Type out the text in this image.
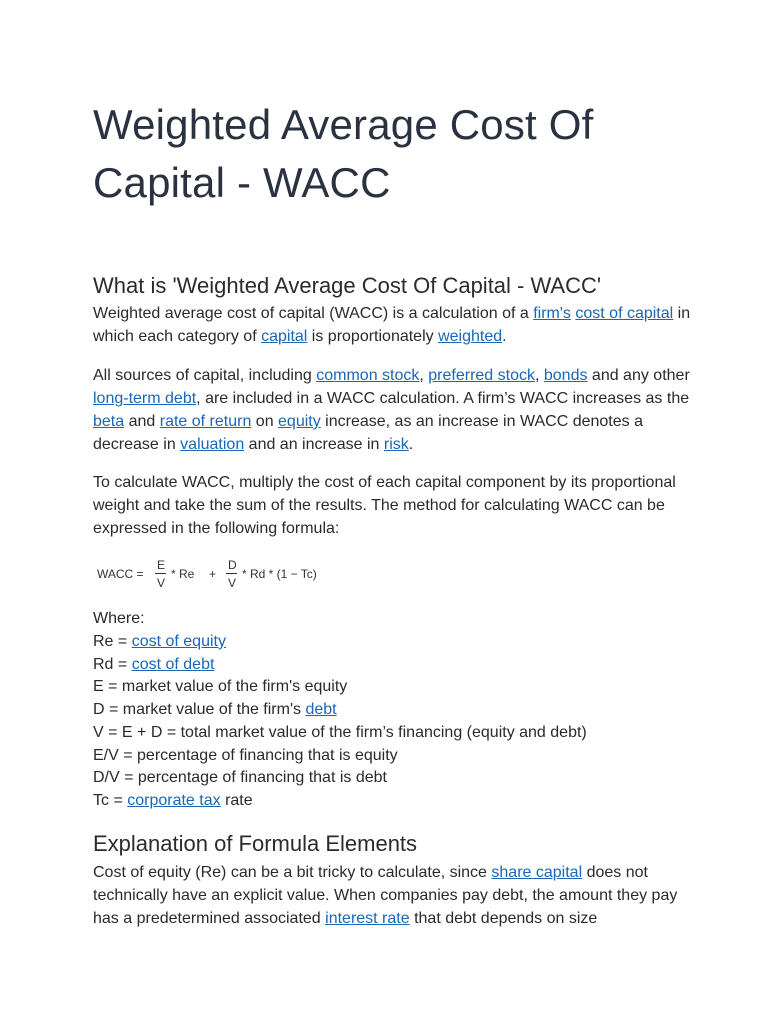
Weighted Average Cost Of Capital - WACC
What is 'Weighted Average Cost Of Capital - WACC'

Weighted average cost of capital (WACC) is a calculation of a firm's cost of capital in which each category of capital is proportionately weighted.

All sources of capital, including common stock, preferred stock, bonds and any other long-term debt, are included in a WACC calculation. A firm’s WACC increases as the beta and rate of return on equity increase, as an increase in WACC denotes a decrease in valuation and an increase in risk.

To calculate WACC, multiply the cost of each capital component by its proportional weight and take the sum of the results. The method for calculating WACC can be expressed in the following formula:

WACC =
E
V
* Re +
D
V
* Rd * (1 − Tc)
Where:
Re = cost of equity
Rd = cost of debt
E = market value of the firm's equity
D = market value of the firm's debt
V = E + D = total market value of the firm’s financing (equity and debt)
E/V = percentage of financing that is equity
D/V = percentage of financing that is debt
Tc = corporate tax rate
Explanation of Formula Elements

Cost of equity (Re) can be a bit tricky to calculate, since share capital does not technically have an explicit value. When companies pay debt, the amount they pay has a predetermined associated interest rate that debt depends on size
